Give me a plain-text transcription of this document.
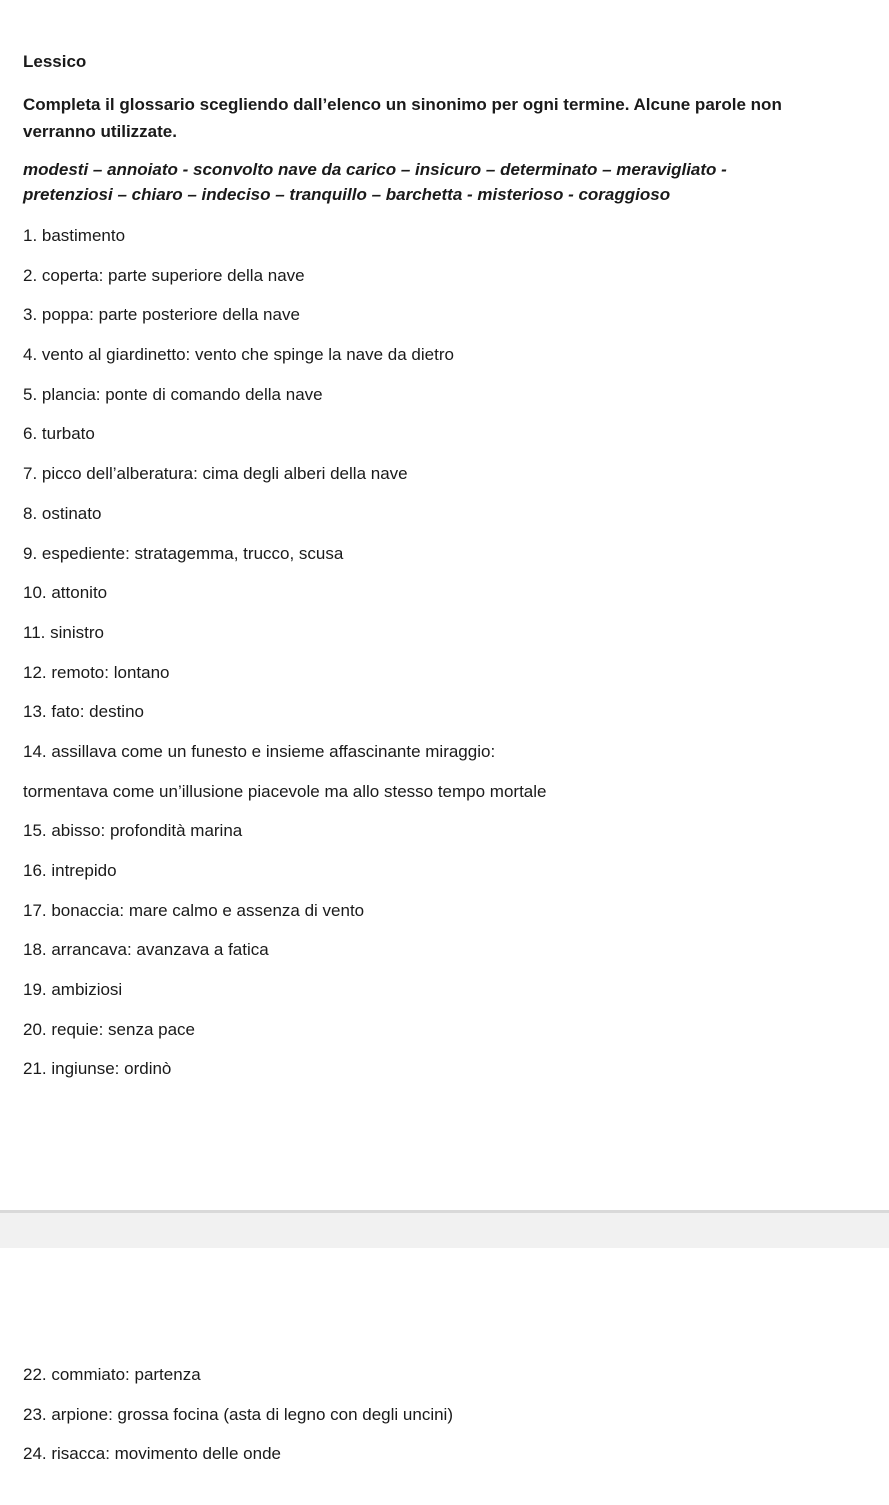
Lessico

Completa il glossario scegliendo dall’elenco un sinonimo per ogni termine. Alcune parole non verranno utilizzate.

modesti – annoiato - sconvolto nave da carico – insicuro – determinato – meravigliato -
pretenziosi – chiaro – indeciso – tranquillo – barchetta - misterioso - coraggioso

1. bastimento
2. coperta: parte superiore della nave
3. poppa: parte posteriore della nave
4. vento al giardinetto: vento che spinge la nave da dietro
5. plancia: ponte di comando della nave
6. turbato
7. picco dell’alberatura: cima degli alberi della nave
8. ostinato
9. espediente: stratagemma, trucco, scusa
10. attonito
11. sinistro
12. remoto: lontano
13. fato: destino
14. assillava come un funesto e insieme affascinante miraggio:
tormentava come un’illusione piacevole ma allo stesso tempo mortale
15. abisso: profondità marina
16. intrepido
17. bonaccia: mare calmo e assenza di vento
18. arrancava: avanzava a fatica
19. ambiziosi
20. requie: senza pace
21. ingiunse: ordinò
22. commiato: partenza
23. arpione: grossa focina (asta di legno con degli uncini)
24. risacca: movimento delle onde
